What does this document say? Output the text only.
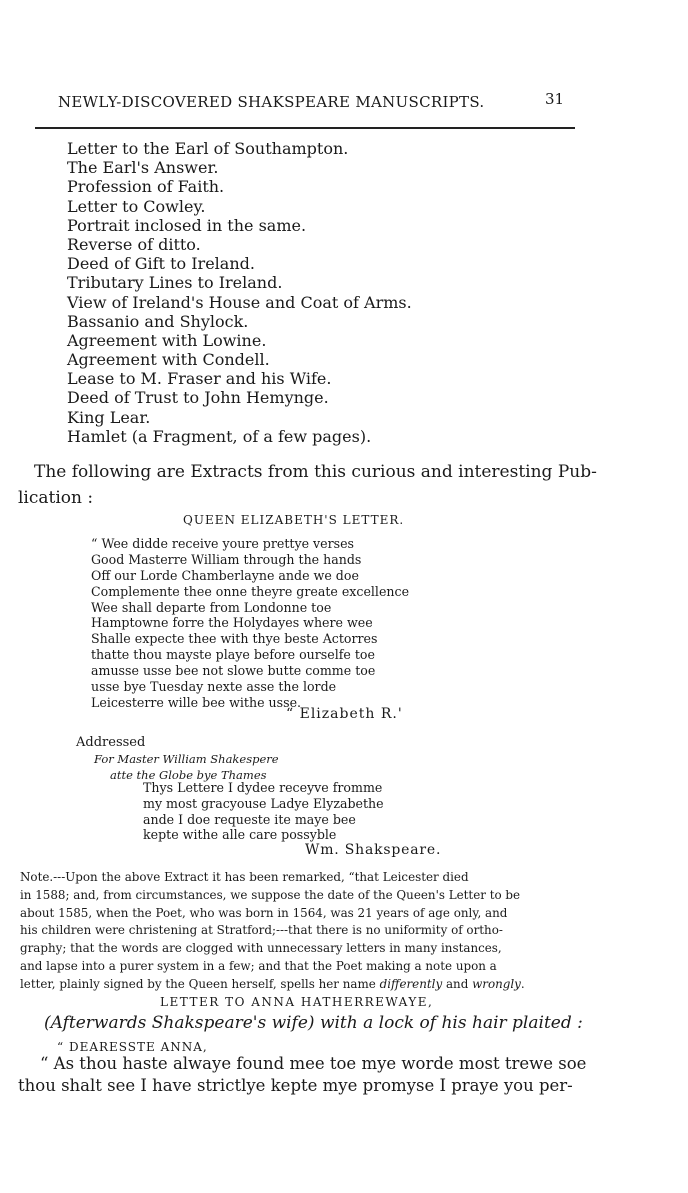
NEWLY-DISCOVERED SHAKSPEARE MANUSCRIPTS.	31
Letter to the Earl of Southampton.
The Earl's Answer.
Profession of Faith.
Letter to Cowley.
Portrait inclosed in the same.
Reverse of ditto.
Deed of Gift to Ireland.
Tributary Lines to Ireland.
View of Ireland's House and Coat of Arms.
Bassanio and Shylock.
Agreement with Lowine.
Agreement with Condell.
Lease to M. Fraser and his Wife.
Deed of Trust to John Hemynge.
King Lear.
Hamlet (a Fragment, of a few pages).
The following are Extracts from this curious and interesting Pub-
lication :
QUEEN ELIZABETH'S LETTER.
“ Wee didde receive youre prettye verses
Good Masterre William through the hands
Off our Lorde Chamberlayne ande we doe
Complemente thee onne theyre greate excellence
Wee shall departe from Londonne toe
Hamptowne forre the Holydayes where wee
Shalle expecte thee with thye beste Actorres
thatte thou mayste playe before ourselfe toe
amusse usse bee not slowe butte comme toe
usse bye Tuesday nexte asse the lorde
Leicesterre wille bee withe usse.
“ Elizabeth R.'
Addressed
For Master William Shakespere
atte the Globe bye Thames
Thys Lettere I dydee receyve fromme
my most gracyouse Ladye Elyzabethe
ande I doe requeste ite maye bee
kepte withe alle care possyble
Wm. Shakspeare.
Note.---Upon the above Extract it has been remarked, “that Leicester died
in 1588; and, from circumstances, we suppose the date of the Queen's Letter to be
about 1585, when the Poet, who was born in 1564, was 21 years of age only, and
his children were christening at Stratford;---that there is no uniformity of ortho-
graphy; that the words are clogged with unnecessary letters in many instances,
and lapse into a purer system in a few; and that the Poet making a note upon a
letter, plainly signed by the Queen herself, spells her name differently and wrongly.
LETTER TO ANNA HATHERREWAYE,
(Afterwards Shakspeare's wife) with a lock of his hair plaited :
“ DEARESSTE ANNA,
“ As thou haste alwaye found mee toe mye worde most trewe soe
thou shalt see I have strictlye kepte mye promyse I praye you per-
